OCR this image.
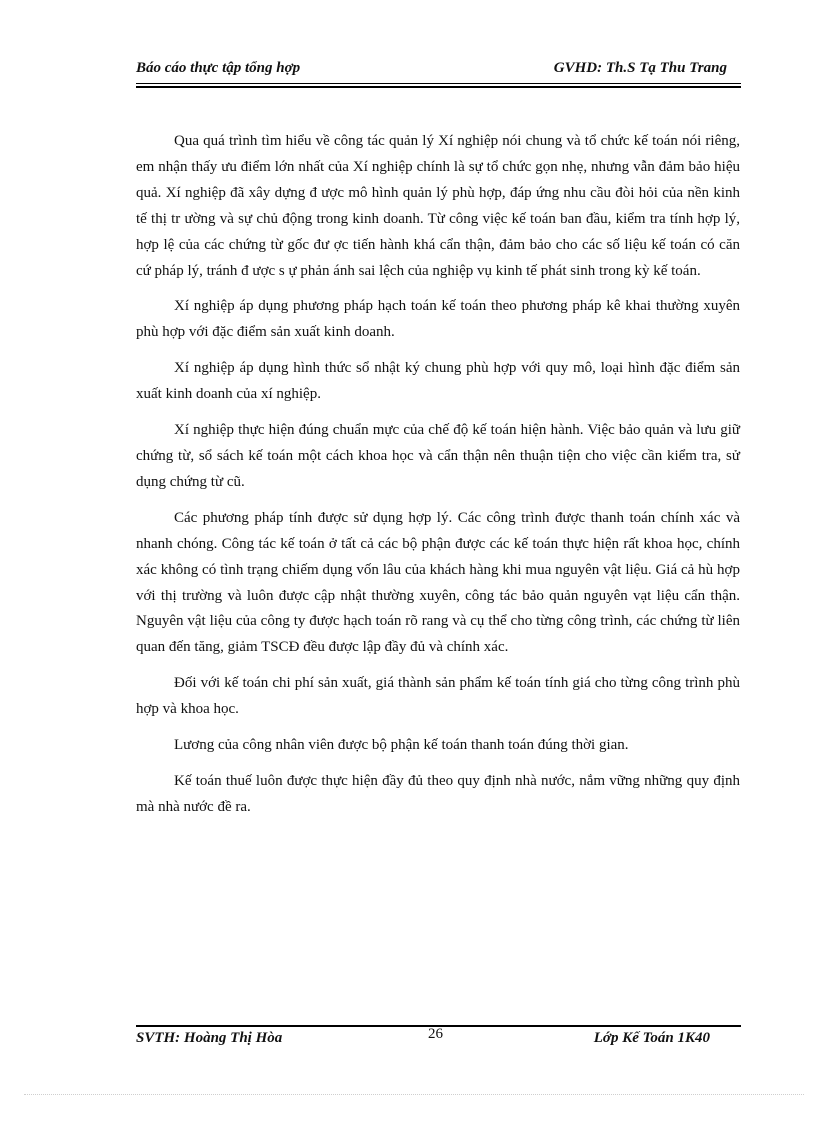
Báo cáo thực tập tổng hợp	GVHD: Th.S Tạ Thu Trang

Qua quá trình tìm hiểu về công tác quản lý Xí nghiệp nói chung và tổ chức kế toán nói riêng, em nhận thấy ưu điểm lớn nhất của Xí nghiệp chính là sự tổ chức gọn nhẹ, nhưng vẫn đảm bảo hiệu quả. Xí nghiệp đã xây dựng đ ược mô hình quản lý phù hợp, đáp ứng nhu cầu đòi hỏi của nền kinh tế thị tr ường và sự chủ động trong kinh doanh. Từ công việc kế toán ban đầu, kiểm tra tính hợp lý, hợp lệ của các chứng từ gốc đư ợc tiến hành khá cẩn thận, đảm bảo cho các số liệu kế toán có căn cứ pháp lý, tránh đ ược s ự phản ánh sai lệch của nghiệp vụ kinh tế phát sinh trong kỳ kế toán.

Xí nghiệp áp dụng phương pháp hạch toán kế toán theo phương pháp kê khai thường xuyên phù hợp với đặc điểm sản xuất kinh doanh.

Xí nghiệp áp dụng hình thức sổ nhật ký chung phù hợp với quy mô, loại hình đặc điểm sản xuất kinh doanh của xí nghiệp.

Xí nghiệp thực hiện đúng chuẩn mực của chế độ kế toán hiện hành. Việc bảo quản và lưu giữ chứng từ, sổ sách kế toán một cách khoa học và cẩn thận nên thuận tiện cho việc cần kiểm tra, sử dụng chứng từ cũ.

Các phương pháp tính được sử dụng hợp lý. Các công trình được thanh toán chính xác và nhanh chóng. Công tác kế toán ở tất cả các bộ phận được các kế toán thực hiện rất khoa học, chính xác không có tình trạng chiếm dụng vốn lâu của khách hàng khi mua nguyên vật liệu. Giá cả hù hợp với thị trường và luôn được cập nhật thường xuyên, công tác bảo quản nguyên vạt liệu cẩn thận. Nguyên vật liệu của công ty được hạch toán rõ rang và cụ thể cho từng công trình, các chứng từ liên quan đến tăng, giảm TSCĐ đều được lập đầy đủ và chính xác.

Đối với kế toán chi phí sản xuất, giá thành sản phẩm kế toán tính giá cho từng công trình phù hợp và khoa học.

Lương của công nhân viên được bộ phận kế toán thanh toán đúng thời gian.

Kế toán thuế luôn được thực hiện đầy đủ theo quy định nhà nước, nắm vững những quy định mà nhà nước đề ra.

SVTH: Hoàng Thị Hòa	26	Lớp Kế Toán 1K40
